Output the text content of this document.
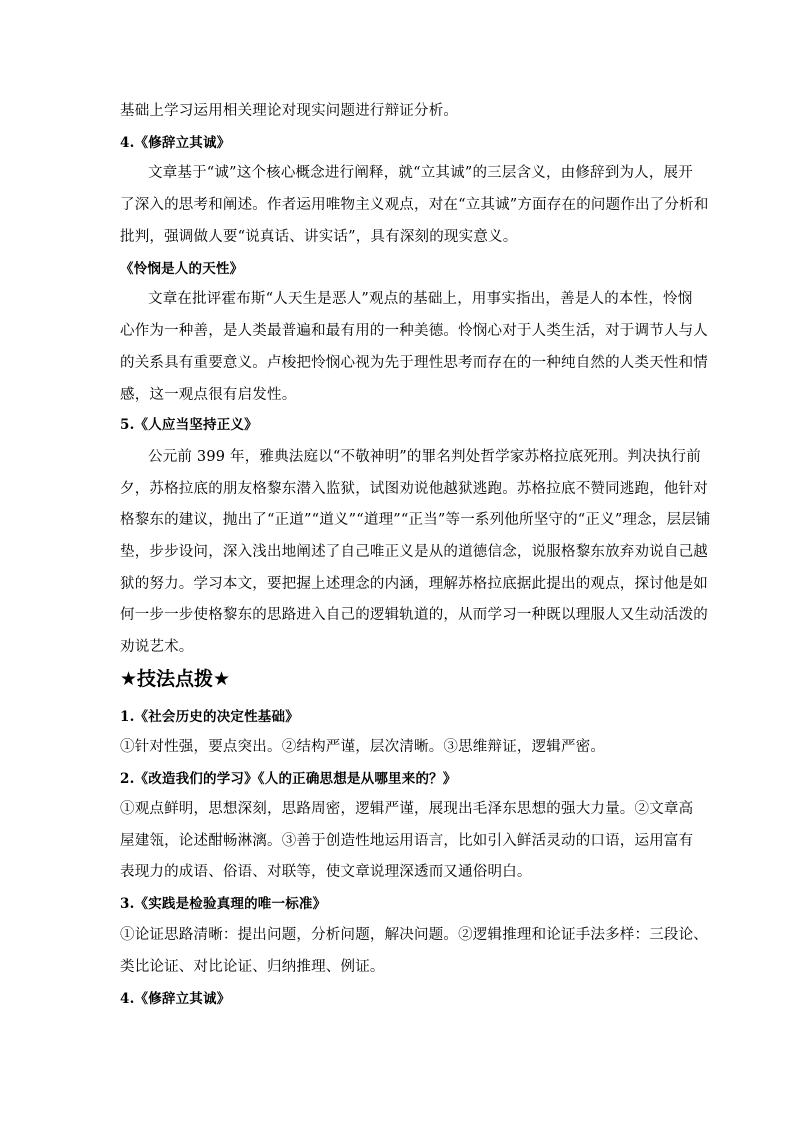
基础上学习运用相关理论对现实问题进行辩证分析。
4.《修辞立其诚》
文章基于“诚”这个核心概念进行阐释，就“立其诚”的三层含义，由修辞到为人，展开
了深入的思考和阐述。作者运用唯物主义观点，对在“立其诚”方面存在的问题作出了分析和
批判，强调做人要“说真话、讲实话”，具有深刻的现实意义。
《怜悯是人的天性》
文章在批评霍布斯“人天生是恶人”观点的基础上，用事实指出，善是人的本性，怜悯
心作为一种善，是人类最普遍和最有用的一种美德。怜悯心对于人类生活，对于调节人与人
的关系具有重要意义。卢梭把怜悯心视为先于理性思考而存在的一种纯自然的人类天性和情
感，这一观点很有启发性。
5.《人应当坚持正义》
公元前 399 年，雅典法庭以“不敬神明”的罪名判处哲学家苏格拉底死刑。判决执行前
夕，苏格拉底的朋友格黎东潜入监狱，试图劝说他越狱逃跑。苏格拉底不赞同逃跑，他针对
格黎东的建议，抛出了“正道”“道义”“道理”“正当”等一系列他所坚守的“正义”理念，层层铺
垫，步步设问，深入浅出地阐述了自己唯正义是从的道德信念，说服格黎东放弃劝说自己越
狱的努力。学习本文，要把握上述理念的内涵，理解苏格拉底据此提出的观点，探讨他是如
何一步一步使格黎东的思路进入自己的逻辑轨道的，从而学习一种既以理服人又生动活泼的
劝说艺术。
★技法点拨★
1.《社会历史的决定性基础》
①针对性强，要点突出。②结构严谨，层次清晰。③思维辩证，逻辑严密。
2.《改造我们的学习》《人的正确思想是从哪里来的？》
①观点鲜明，思想深刻，思路周密，逻辑严谨，展现出毛泽东思想的强大力量。②文章高
屋建瓴，论述酣畅淋漓。③善于创造性地运用语言，比如引入鲜活灵动的口语，运用富有
表现力的成语、俗语、对联等，使文章说理深透而又通俗明白。
3.《实践是检验真理的唯一标准》
①论证思路清晰：提出问题，分析问题，解决问题。②逻辑推理和论证手法多样：三段论、
类比论证、对比论证、归纳推理、例证。
4.《修辞立其诚》
